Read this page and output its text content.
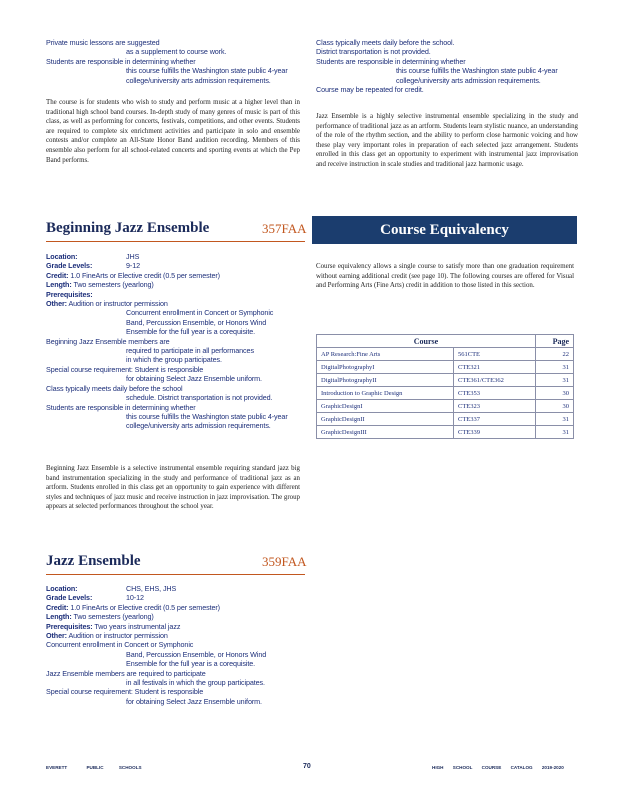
Private music lessons are suggested
as a supplement to course work.
Students are responsible in determining whether
this course fulfills the Washington state public 4-year
college/university arts admission requirements.
The course is for students who wish to study and perform music at a higher level than in traditional high school band courses. In-depth study of many genres of music is part of this class, as well as performing for concerts, festivals, competitions, and other events. Students are required to complete six enrichment activities and participate in solo and ensemble contests and/or complete an All-State Honor Band audition recording. Members of this ensemble also perform for all school-related concerts and sporting events at which the Pep Band performs.
Class typically meets daily before the school.
District transportation is not provided.
Students are responsible in determining whether
this course fulfills the Washington state public 4-year
college/university arts admission requirements.
Course may be repeated for credit.
Jazz Ensemble is a highly selective instrumental ensemble specializing in the study and performance of traditional jazz as an artform. Students learn stylistic nuance, an understanding of the role of the rhythm section, and the ability to perform close harmonic voicing and how these play very important roles in preparation of each selected jazz arrangement. Students enrolled in this class get an opportunity to experiment with instrumental jazz improvisation and receive instruction in scale studies and traditional jazz harmonic usage.
Beginning Jazz Ensemble	357FAA
Location:	JHS
Grade Levels:	9-12
Credit: 1.0 FineArts or Elective credit (0.5 per semester)
Length: Two semesters (yearlong)
Prerequisites:
Other: Audition or instructor permission
Concurrent enrollment in Concert or Symphonic
Band, Percussion Ensemble, or Honors Wind
Ensemble for the full year is a corequisite.
Beginning Jazz Ensemble members are
required to participate in all performances
in which the group participates.
Special course requirement: Student is responsible
for obtaining Select Jazz Ensemble uniform.
Class typically meets daily before the school
schedule. District transportation is not provided.
Students are responsible in determining whether
this course fulfills the Washington state public 4-year
college/university arts admission requirements.
Beginning Jazz Ensemble is a selective instrumental ensemble requiring standard jazz big band instrumentation specializing in the study and performance of traditional jazz as an artform. Students enrolled in this class get an opportunity to gain experience with different styles and techniques of jazz music and receive instruction in jazz improvisation. The group appears at selected performances throughout the school year.
Jazz Ensemble	359FAA
Location:	CHS, EHS, JHS
Grade Levels:	10-12
Credit: 1.0 FineArts or Elective credit (0.5 per semester)
Length: Two semesters (yearlong)
Prerequisites: Two years instrumental jazz
Other: Audition or instructor permission
Concurrent enrollment in Concert or Symphonic
Band, Percussion Ensemble, or Honors Wind
Ensemble for the full year is a corequisite.
Jazz Ensemble members are required to participate
in all festivals in which the group participates.
Special course requirement: Student is responsible
for obtaining Select Jazz Ensemble uniform.
Course Equivalency
Course equivalency allows a single course to satisfy more than one graduation requirement without earning additional credit (see page 10). The following courses are offered for Visual and Performing Arts (Fine Arts) credit in addition to those listed in this section.
Course		Page
AP Research:Fine Arts	561CTE	22
DigitalPhotographyI	CTE321	31
DigitalPhotographyII	CTE361/CTE362	31
Introduction to Graphic Design	CTE353	30
GraphicDesignI	CTE323	30
GraphicDesignII	CTE337	31
GraphicDesignIII	CTE339	31
EVERETT	PUBLIC	SCHOOLS	70	HIGH SCHOOL COURSE CATALOG 2019-2020
